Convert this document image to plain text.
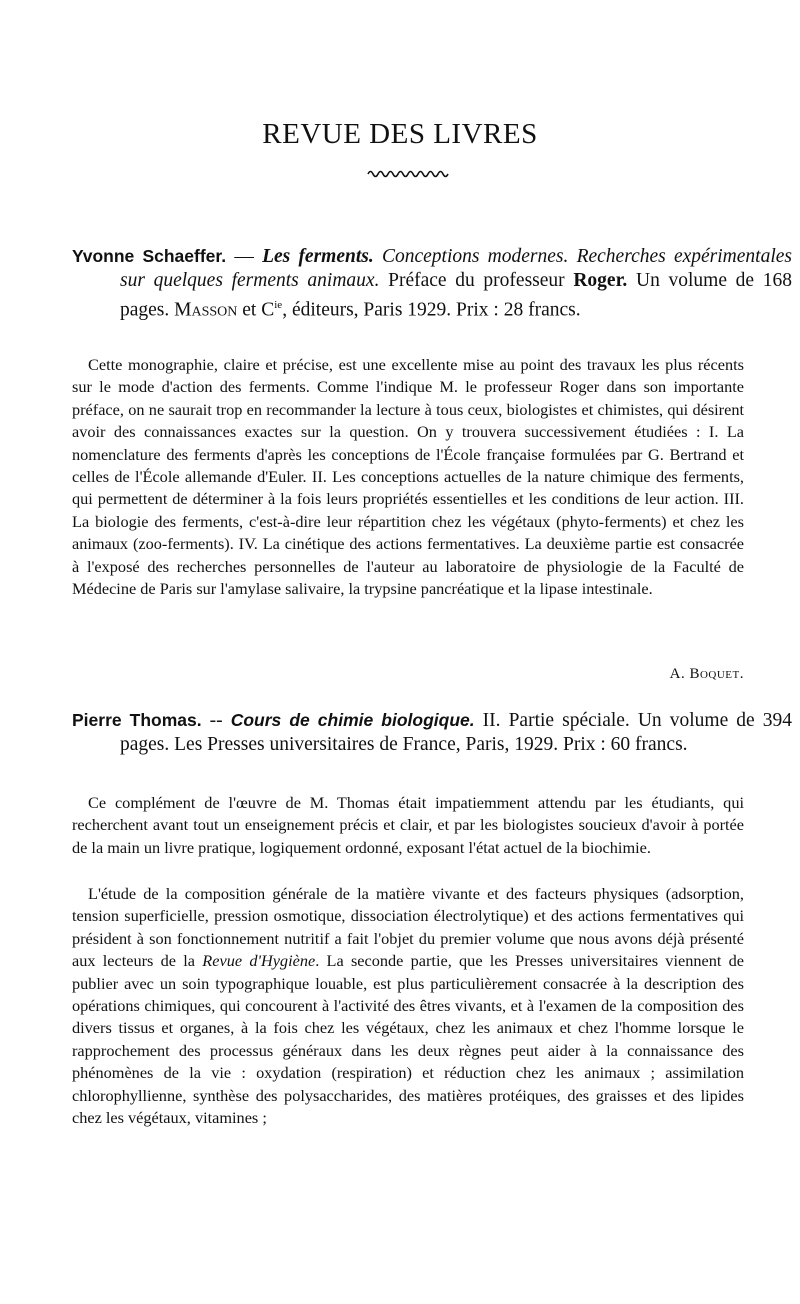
REVUE DES LIVRES

Yvonne Schaeffer. — Les ferments. Conceptions modernes. Recherches expérimentales sur quelques ferments animaux. Préface du professeur Roger. Un volume de 168 pages. Masson et $C^{ie}$, éditeurs, Paris 1929. Prix : 28 francs.

Cette monographie, claire et précise, est une excellente mise au point des travaux les plus récents sur le mode d'action des ferments. Comme l'indique M. le professeur Roger dans son importante préface, on ne saurait trop en recommander la lecture à tous ceux, biologistes et chimistes, qui désirent avoir des connaissances exactes sur la question. On y trouvera successivement étudiées : I. La nomenclature des ferments d'après les conceptions de l'École française formulées par G. Bertrand et celles de l'École allemande d'Euler. II. Les conceptions actuelles de la nature chimique des ferments, qui permettent de déterminer à la fois leurs propriétés essentielles et les conditions de leur action. III. La biologie des ferments, c'est-à-dire leur répartition chez les végétaux (phyto-ferments) et chez les animaux (zoo-ferments). IV. La cinétique des actions fermentatives. La deuxième partie est consacrée à l'exposé des recherches personnelles de l'auteur au laboratoire de physiologie de la Faculté de Médecine de Paris sur l'amylase salivaire, la trypsine pancréatique et la lipase intestinale.

A. Boquet.

Pierre Thomas. -- Cours de chimie biologique. II. Partie spéciale. Un volume de 394 pages. Les Presses universitaires de France, Paris, 1929. Prix : 60 francs.

Ce complément de l'œuvre de M. Thomas était impatiemment attendu par les étudiants, qui recherchent avant tout un enseignement précis et clair, et par les biologistes soucieux d'avoir à portée de la main un livre pratique, logiquement ordonné, exposant l'état actuel de la biochimie.

L'étude de la composition générale de la matière vivante et des facteurs physiques (adsorption, tension superficielle, pression osmotique, dissociation électrolytique) et des actions fermentatives qui président à son fonctionnement nutritif a fait l'objet du premier volume que nous avons déjà présenté aux lecteurs de la Revue d'Hygiène. La seconde partie, que les Presses universitaires viennent de publier avec un soin typographique louable, est plus particulièrement consacrée à la description des opérations chimiques, qui concourent à l'activité des êtres vivants, et à l'examen de la composition des divers tissus et organes, à la fois chez les végétaux, chez les animaux et chez l'homme lorsque le rapprochement des processus généraux dans les deux règnes peut aider à la connaissance des phénomènes de la vie : oxydation (respiration) et réduction chez les animaux ; assimilation chlorophyllienne, synthèse des polysaccharides, des matières protéiques, des graisses et des lipides chez les végétaux, vitamines ;
